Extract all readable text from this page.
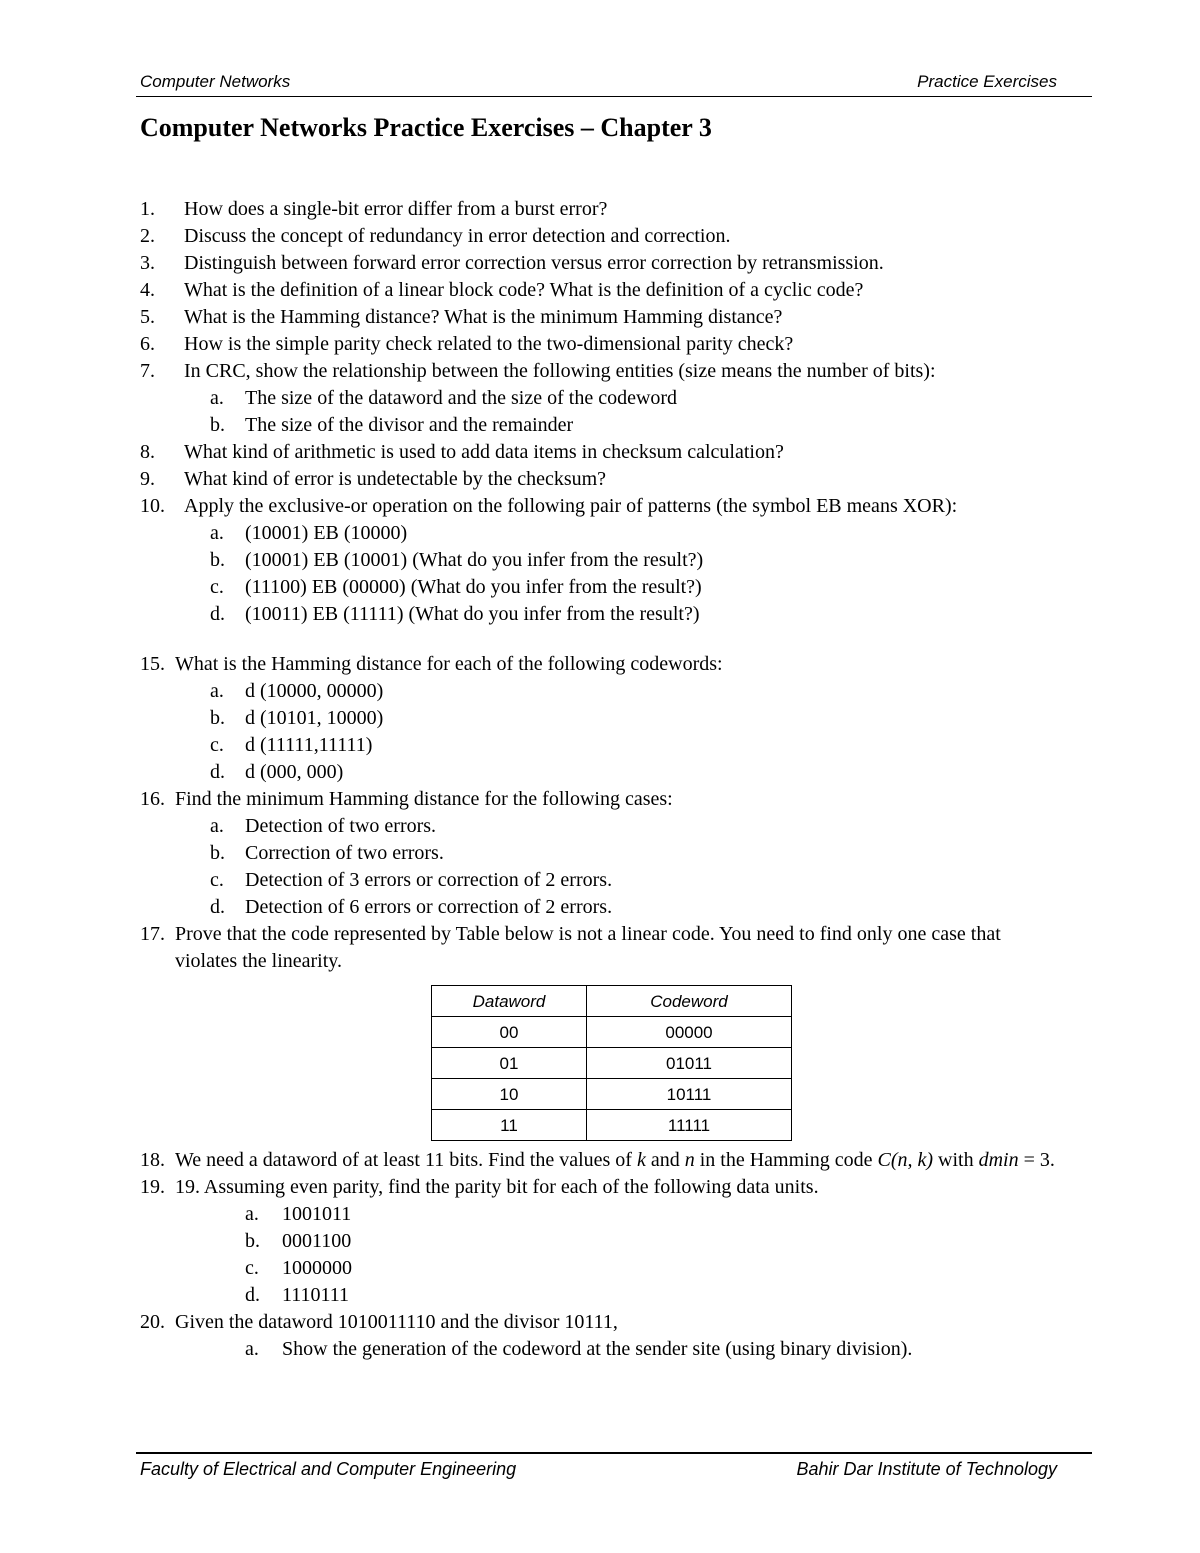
Computer Networks	Practice Exercises
Computer Networks Practice Exercises – Chapter 3
1. How does a single-bit error differ from a burst error?
2. Discuss the concept of redundancy in error detection and correction.
3. Distinguish between forward error correction versus error correction by retransmission.
4. What is the definition of a linear block code? What is the definition of a cyclic code?
5. What is the Hamming distance? What is the minimum Hamming distance?
6. How is the simple parity check related to the two-dimensional parity check?
7. In CRC, show the relationship between the following entities (size means the number of bits):
a. The size of the dataword and the size of the codeword
b. The size of the divisor and the remainder
8. What kind of arithmetic is used to add data items in checksum calculation?
9. What kind of error is undetectable by the checksum?
10. Apply the exclusive-or operation on the following pair of patterns (the symbol EB means XOR):
a. (10001) EB (10000)
b. (10001) EB (10001) (What do you infer from the result?)
c. (11100) EB (00000) (What do you infer from the result?)
d. (10011) EB (11111) (What do you infer from the result?)
15. What is the Hamming distance for each of the following codewords:
a. d (10000, 00000)
b. d (10101, 10000)
c. d (11111,11111)
d. d (000, 000)
16. Find the minimum Hamming distance for the following cases:
a. Detection of two errors.
b. Correction of two errors.
c. Detection of 3 errors or correction of 2 errors.
d. Detection of 6 errors or correction of 2 errors.
17. Prove that the code represented by Table below is not a linear code. You need to find only one case that violates the linearity.
Dataword	Codeword
00	00000
01	01011
10	10111
11	11111
18. We need a dataword of at least 11 bits. Find the values of k and n in the Hamming code C(n, k) with dmin = 3.
19. 19. Assuming even parity, find the parity bit for each of the following data units.
a. 1001011
b. 0001100
c. 1000000
d. 1110111
20. Given the dataword 1010011110 and the divisor 10111,
a. Show the generation of the codeword at the sender site (using binary division).
Faculty of Electrical and Computer Engineering	Bahir Dar Institute of Technology
